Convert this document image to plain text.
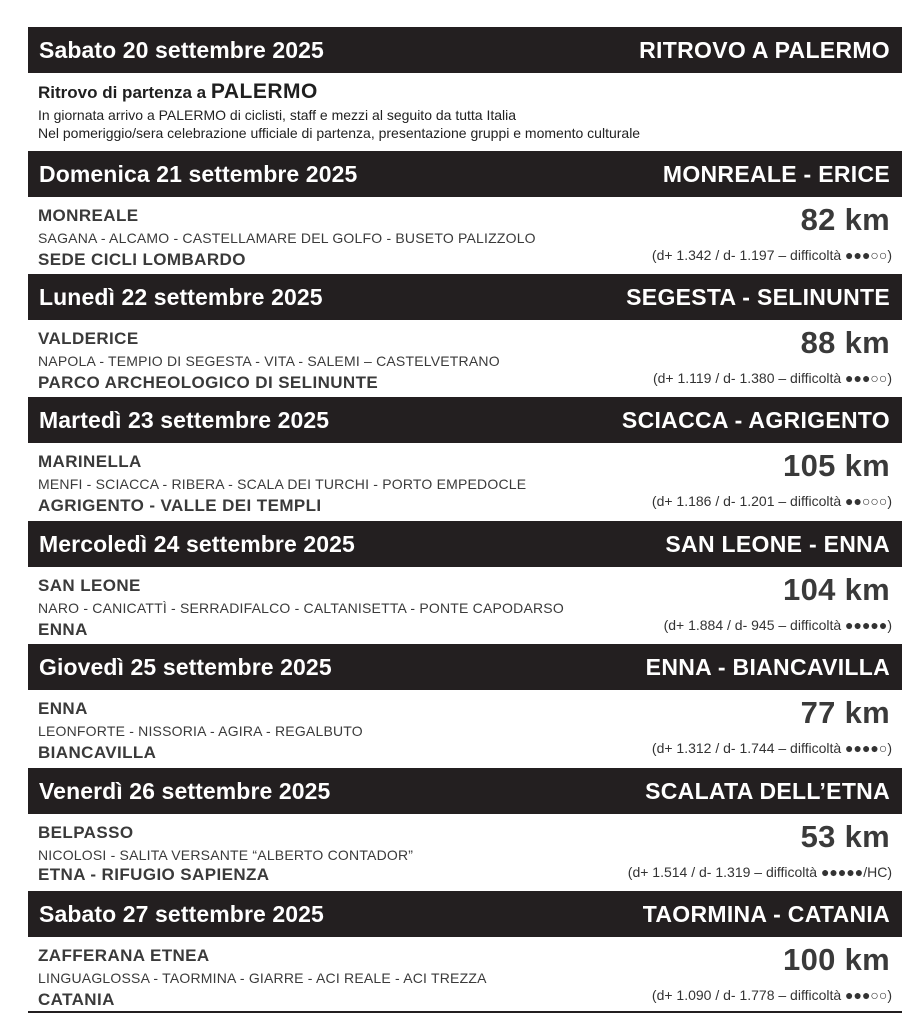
Sabato 20 settembre 2025	RITROVO A PALERMO
Ritrovo di partenza a PALERMO
In giornata arrivo a PALERMO di ciclisti, staff e mezzi al seguito da tutta Italia
Nel pomeriggio/sera celebrazione ufficiale di partenza, presentazione gruppi e momento culturale
Domenica 21 settembre 2025	MONREALE - ERICE
MONREALE
SAGANA - ALCAMO - CASTELLAMARE DEL GOLFO - BUSETO PALIZZOLO
SEDE CICLI LOMBARDO
82 km
(d+ 1.342 / d- 1.197 – difficoltà ●●●○○)
Lunedì 22 settembre 2025	SEGESTA - SELINUNTE
VALDERICE
NAPOLA - TEMPIO DI SEGESTA - VITA - SALEMI – CASTELVETRANO
PARCO ARCHEOLOGICO DI SELINUNTE
88 km
(d+ 1.119 / d- 1.380 – difficoltà ●●●○○)
Martedì 23 settembre 2025	SCIACCA - AGRIGENTO
MARINELLA
MENFI - SCIACCA - RIBERA - SCALA DEI TURCHI - PORTO EMPEDOCLE
AGRIGENTO - VALLE DEI TEMPLI
105 km
(d+ 1.186 / d- 1.201 – difficoltà ●●○○○)
Mercoledì 24 settembre 2025	SAN LEONE - ENNA
SAN LEONE
NARO - CANICATTÌ - SERRADIFALCO - CALTANISETTA - PONTE CAPODARSO
ENNA
104 km
(d+ 1.884 / d- 945 – difficoltà ●●●●●)
Giovedì 25 settembre 2025	ENNA - BIANCAVILLA
ENNA
LEONFORTE - NISSORIA - AGIRA - REGALBUTO
BIANCAVILLA
77 km
(d+ 1.312 / d- 1.744 – difficoltà ●●●●○)
Venerdì 26 settembre 2025	SCALATA DELL’ETNA
BELPASSO
NICOLOSI - SALITA VERSANTE “ALBERTO CONTADOR”
ETNA - RIFUGIO SAPIENZA
53 km
(d+ 1.514 / d- 1.319 – difficoltà ●●●●●/HC)
Sabato 27 settembre 2025	TAORMINA - CATANIA
ZAFFERANA ETNEA
LINGUAGLOSSA - TAORMINA - GIARRE - ACI REALE - ACI TREZZA
CATANIA
100 km
(d+ 1.090 / d- 1.778 – difficoltà ●●●○○)
